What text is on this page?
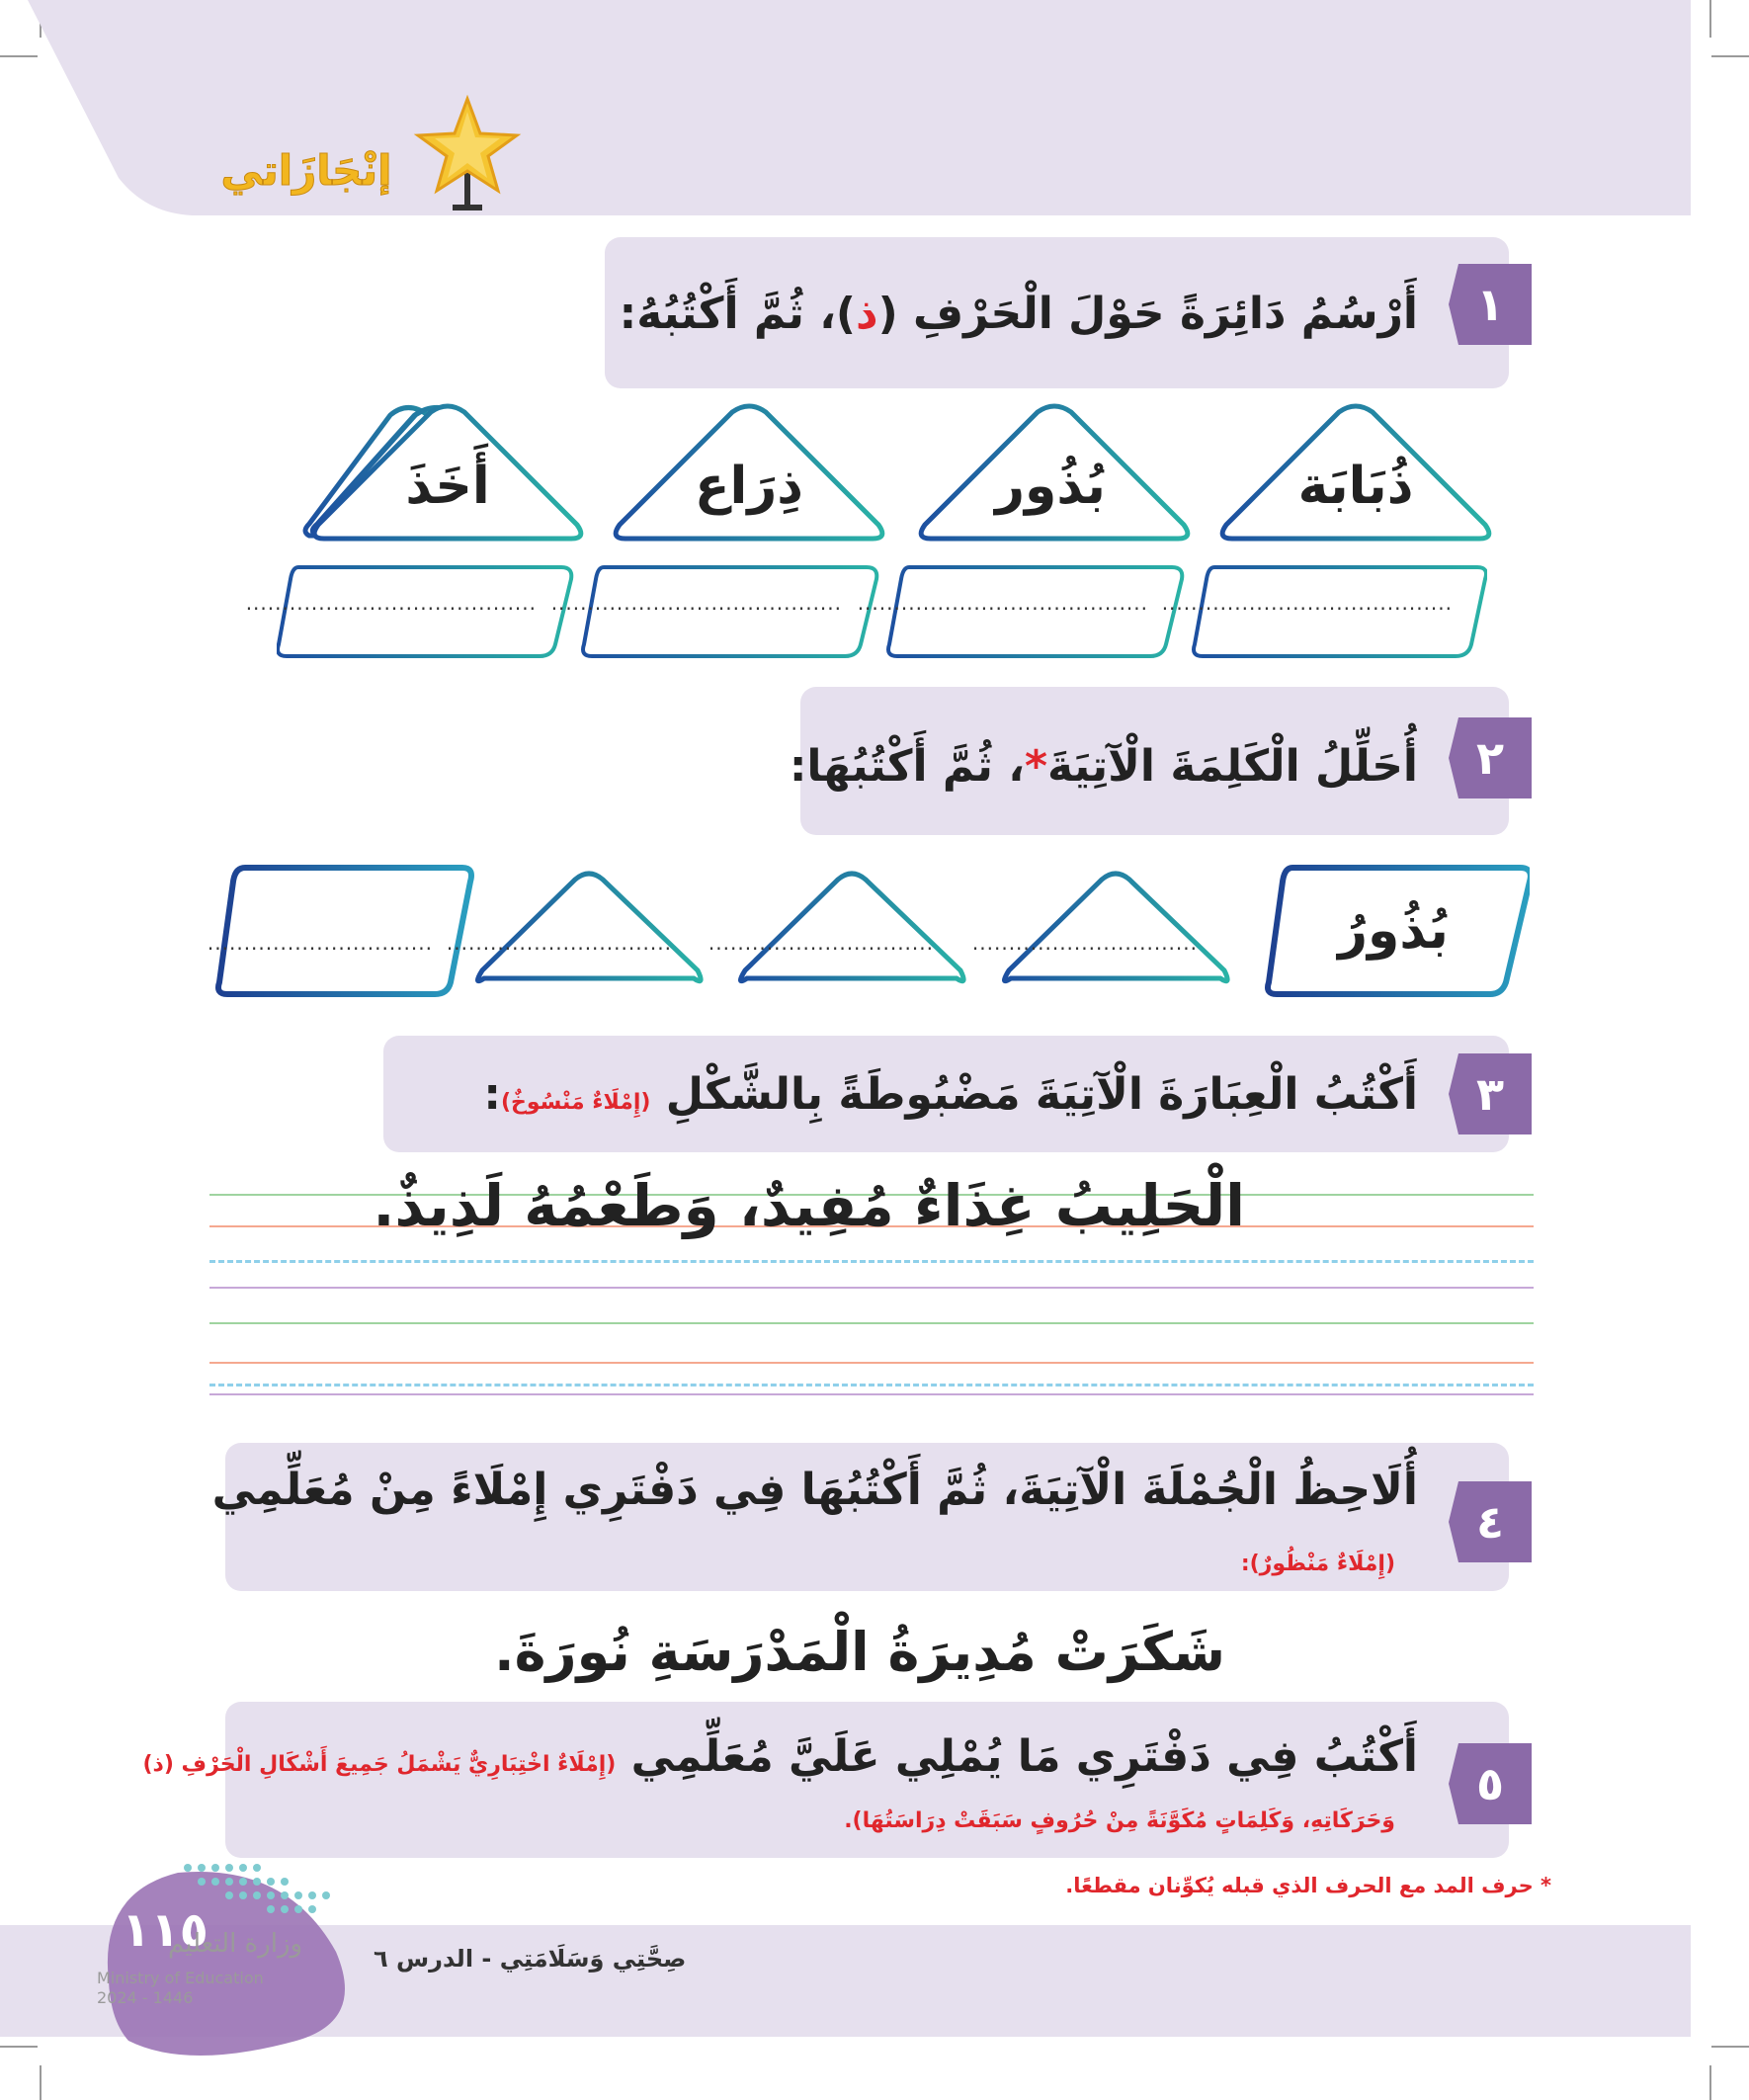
إنْجَازَاتي
١
أَرْسُمُ دَائِرَةً حَوْلَ الْحَرْفِ (ذ)، ثُمَّ أَكْتُبُهُ:
ذُبَابَة
بُذُور
ذِرَاع
أَخَذَ
........................................
........................................
........................................
........................................
٢
أُحَلِّلُ الْكَلِمَةَ الْآتِيَةَ*، ثُمَّ أَكْتُبُهَا:
بُذُورُ
...............................
...............................
...............................
...............................
٣
أَكْتُبُ الْعِبَارَةَ الْآتِيَةَ مَضْبُوطَةً بِالشَّكْلِ (إِمْلَاءٌ مَنْسُوخٌ):
الْحَلِيبُ غِذَاءٌ مُفِيدٌ، وَطَعْمُهُ لَذِيذٌ.
٤
أُلَاحِظُ الْجُمْلَةَ الْآتِيَةَ، ثُمَّ أَكْتُبُهَا فِي دَفْتَرِي إِمْلَاءً مِنْ مُعَلِّمِي
(إِمْلَاءٌ مَنْظُورٌ):
شَكَرَتْ مُدِيرَةُ الْمَدْرَسَةِ نُورَةَ.
٥
أَكْتُبُ فِي دَفْتَرِي مَا يُمْلِي عَلَيَّ مُعَلِّمِي (إِمْلَاءٌ اخْتِبَارِيٌّ يَشْمَلُ جَمِيعَ أَشْكَالِ الْحَرْفِ (ذ)
وَحَرَكَاتِهِ، وَكَلِمَاتٍ مُكَوَّنَةً مِنْ حُرُوفٍ سَبَقَتْ دِرَاسَتُهَا).
* حرف المد مع الحرف الذي قبله يُكوِّنان مقطعًا.
١١٥
وزارة التعليم
Ministry of Education
2024 - 1446
صِحَّتِي وَسَلَامَتِي - الدرس ٦
